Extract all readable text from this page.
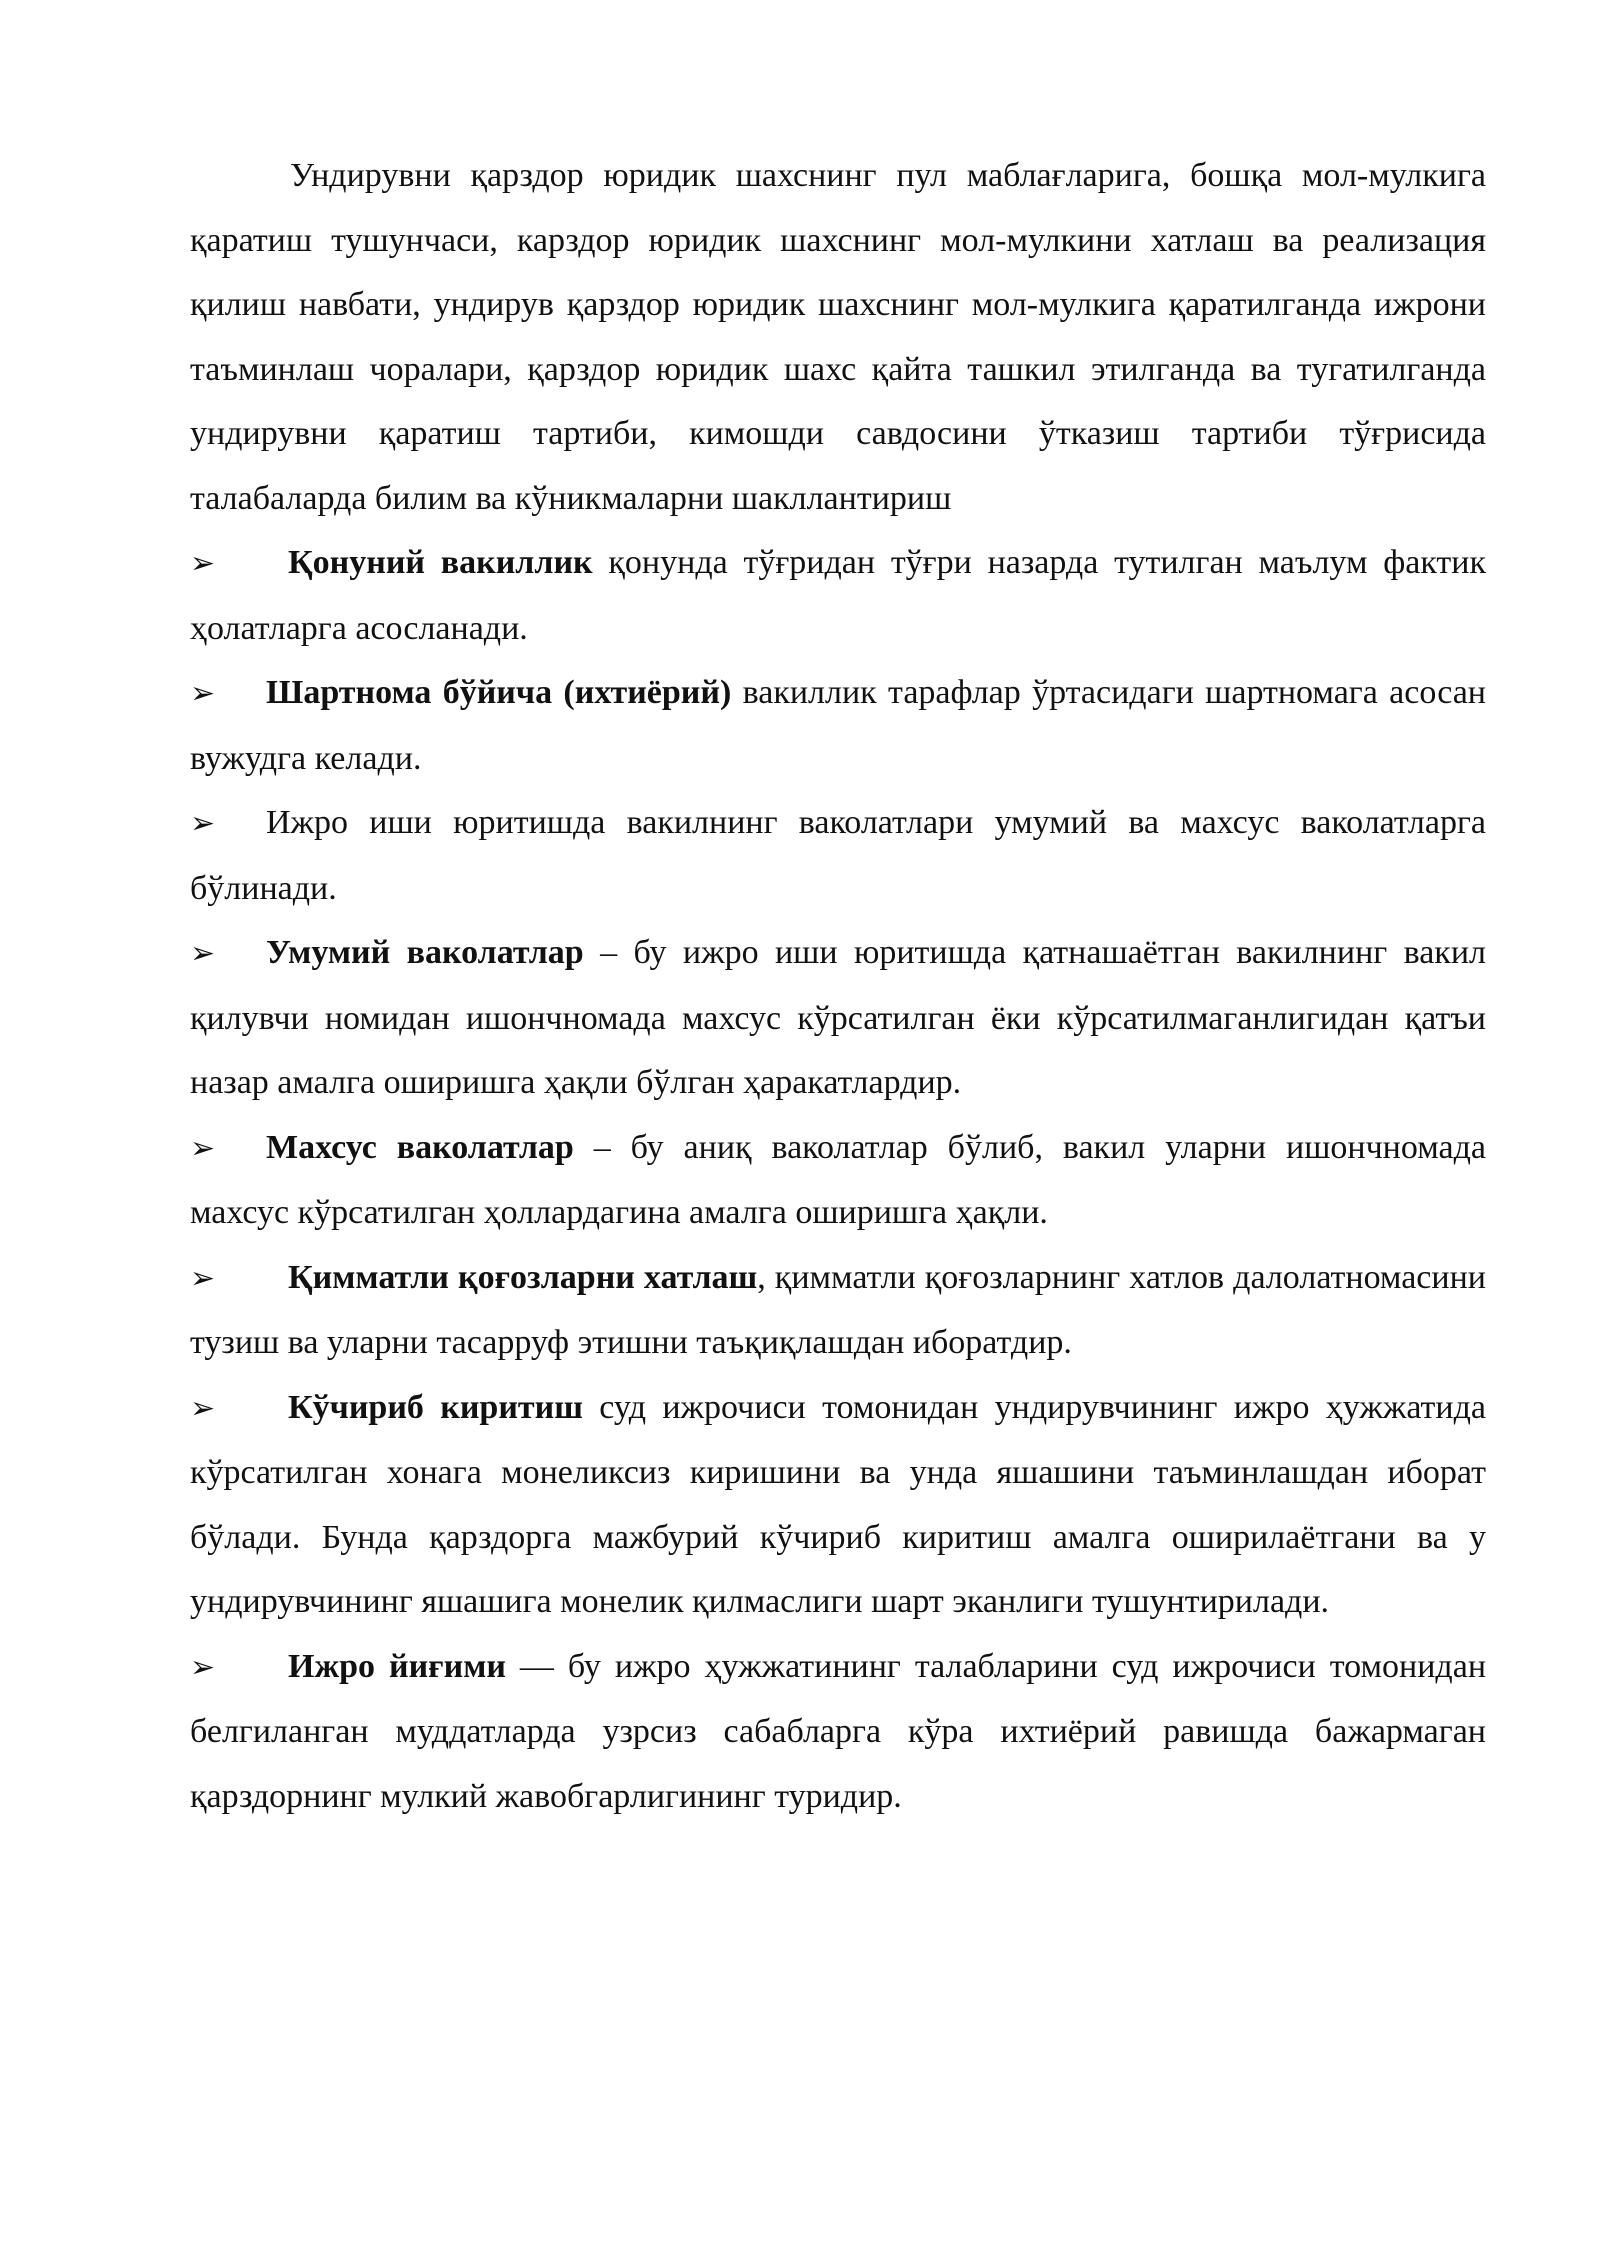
Ундирувни қарздор юридик шахснинг пул маблағларига, бошқа мол-мулкига қаратиш тушунчаси, карздор юридик шахснинг мол-мулкини хатлаш ва реализация қилиш навбати, ундирув қарздор юридик шахснинг мол-мулкига қаратилганда ижрони таъминлаш чоралари, қарздор юридик шахс қайта ташкил этилганда ва тугатилганда ундирувни қаратиш тартиби, кимошди савдосини ўтказиш тартиби тўғрисида талабаларда билим ва кўникмаларни шакллантириш

➢ Қонуний вакиллик қонунда тўғридан тўғри назарда тутилган маълум фактик ҳолатларга асосланади.

➢ Шартнома бўйича (ихтиёрий) вакиллик тарафлар ўртасидаги шартномага асосан вужудга келади.

➢ Ижро иши юритишда вакилнинг ваколатлари умумий ва махсус ваколатларга бўлинади.

➢ Умумий ваколатлар – бу ижро иши юритишда қатнашаётган вакилнинг вакил қилувчи номидан ишончномада махсус кўрсатилган ёки кўрсатилмаганлигидан қатъи назар амалга оширишга ҳақли бўлган ҳаракатлардир.

➢ Махсус ваколатлар – бу аниқ ваколатлар бўлиб, вакил уларни ишончномада махсус кўрсатилган ҳоллардагина амалга оширишга ҳақли.

➢ Қимматли қоғозларни хатлаш, қимматли қоғозларнинг хатлов далолатномасини тузиш ва уларни тасарруф этишни таъқиқлашдан иборатдир.

➢ Кўчириб киритиш суд ижрочиси томонидан ундирувчининг ижро ҳужжатида кўрсатилган хонага монеликсиз киришини ва унда яшашини таъминлашдан иборат бўлади. Бунда қарздорга мажбурий кўчириб киритиш амалга оширилаётгани ва у ундирувчининг яшашига монелик қилмаслиги шарт эканлиги тушунтирилади.

➢ Ижро йиғими — бу ижро ҳужжатининг талабларини суд ижрочиси томонидан белгиланган муддатларда узрсиз сабабларга кўра ихтиёрий равишда бажармаган қарздорнинг мулкий жавобгарлигининг туридир.
